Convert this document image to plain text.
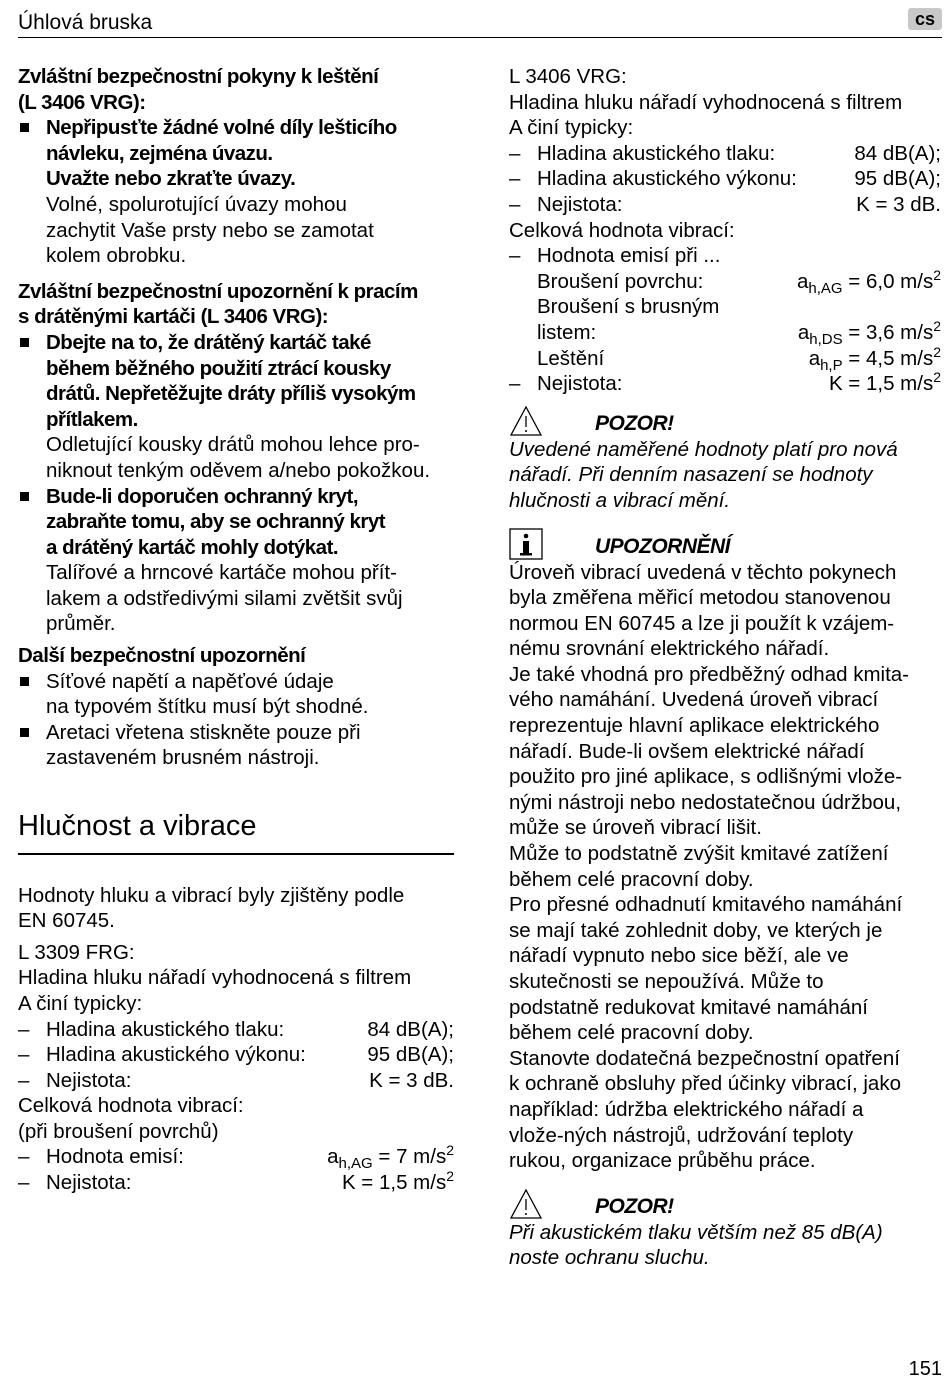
Úhlová bruska	cs
Zvláštní bezpečnostní pokyny k leštění
(L 3406 VRG):
Nepřipusťte žádné volné díly lešticího
návleku, zejména úvazu.
Uvažte nebo zkraťte úvazy.
Volné, spolurotující úvazy mohou
zachytit Vaše prsty nebo se zamotat
kolem obrobku.
Zvláštní bezpečnostní upozornění k pracím
s drátěnými kartáči (L 3406 VRG):
Dbejte na to, že drátěný kartáč také
během běžného použití ztrácí kousky
drátů. Nepřetěžujte dráty příliš vysokým
přítlakem.
Odletující kousky drátů mohou lehce pro-
niknout tenkým oděvem a/nebo pokožkou.
Bude-li doporučen ochranný kryt,
zabraňte tomu, aby se ochranný kryt
a drátěný kartáč mohly dotýkat.
Talířové a hrncové kartáče mohou přít-
lakem a odstředivými silami zvětšit svůj
průměr.
Další bezpečnostní upozornění
Síťové napětí a napěťové údaje
na typovém štítku musí být shodné.
Aretaci vřetena stiskněte pouze při
zastaveném brusném nástroji.
Hlučnost a vibrace
Hodnoty hluku a vibrací byly zjištěny podle
EN 60745.
L 3309 FRG:
Hladina hluku nářadí vyhodnocená s filtrem
A činí typicky:
– Hladina akustického tlaku:	84 dB(A);
– Hladina akustického výkonu:	95 dB(A);
– Nejistota:	K = 3 dB.
Celková hodnota vibrací:
(při broušení povrchů)
– Hodnota emisí:	$a_{h,AG} = 7$ $m/s^2$
– Nejistota:	K = 1,5 $m/s^2$
L 3406 VRG:
Hladina hluku nářadí vyhodnocená s filtrem
A činí typicky:
– Hladina akustického tlaku:	84 dB(A);
– Hladina akustického výkonu:	95 dB(A);
– Nejistota:	K = 3 dB.
Celková hodnota vibrací:
– Hodnota emisí při ...
Broušení povrchu:	$a_{h,AG} = 6,0$ $m/s^2$
Broušení s brusným
listem:	$a_{h,DS} = 3,6$ $m/s^2$
Leštění	$a_{h,P} = 4,5$ $m/s^2$
– Nejistota:	K = 1,5 $m/s^2$
POZOR!
Uvedené naměřené hodnoty platí pro nová
nářadí. Při denním nasazení se hodnoty
hlučnosti a vibrací mění.
UPOZORNĚNÍ
Úroveň vibrací uvedená v těchto pokynech
byla změřena měřicí metodou stanovenou
normou EN 60745 a lze ji použít k vzájem-
nému srovnání elektrického nářadí.
Je také vhodná pro předběžný odhad kmita-
vého namáhání. Uvedená úroveň vibrací
reprezentuje hlavní aplikace elektrického
nářadí. Bude-li ovšem elektrické nářadí
použito pro jiné aplikace, s odlišnými vlože-
nými nástroji nebo nedostatečnou údržbou,
může se úroveň vibrací lišit.
Může to podstatně zvýšit kmitavé zatížení
během celé pracovní doby.
Pro přesné odhadnutí kmitavého namáhání
se mají také zohlednit doby, ve kterých je
nářadí vypnuto nebo sice běží, ale ve
skutečnosti se nepoužívá. Může to
podstatně redukovat kmitavé namáhání
během celé pracovní doby.
Stanovte dodatečná bezpečnostní opatření
k ochraně obsluhy před účinky vibrací, jako
například: údržba elektrického nářadí a
vlože-ných nástrojů, udržování teploty
rukou, organizace průběhu práce.
POZOR!
Při akustickém tlaku větším než 85 dB(A)
noste ochranu sluchu.
151
